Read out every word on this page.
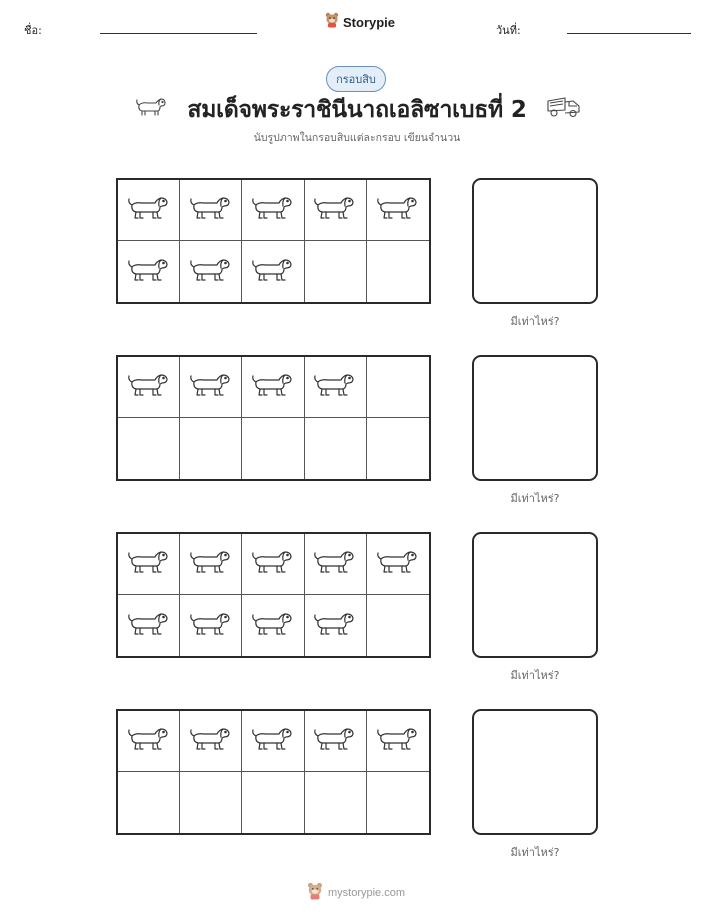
ชื่อ:
Storypie
วันที่:
กรอบสิบ
สมเด็จพระราชินีนาถเอลิซาเบธที่ 2
นับรูปภาพในกรอบสิบแต่ละกรอบ เขียนจำนวน
มีเท่าไหร่?
มีเท่าไหร่?
มีเท่าไหร่?
มีเท่าไหร่?
mystorypie.com
